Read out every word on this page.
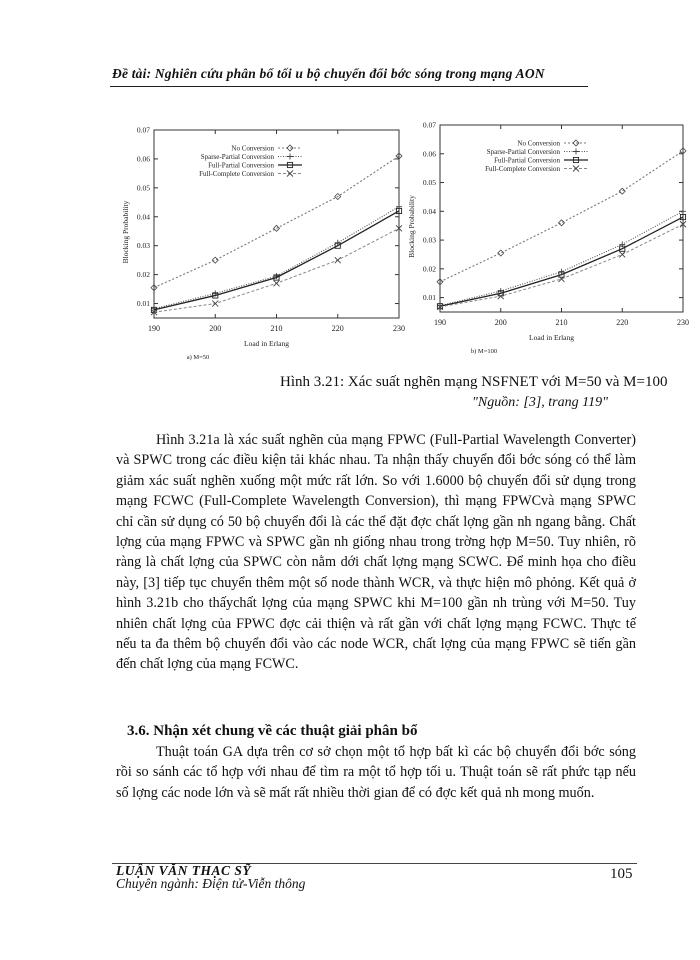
Đề tài: Nghiên cứu phân bổ tối u bộ chuyển đổi bớc sóng trong mạng AON
0.01
0.02
0.03
0.04
0.05
0.06
0.07
190	200	210	220	230
Load in Erlang
Blocking Probability
a) M=50
No Conversion
Sparse-Partial Conversion
Full-Partial Conversion
Full-Complete Conversion
0.01
0.02
0.03
0.04
0.05
0.06
0.07
190	200	210	220	230
Load in Erlang
Blocking Probability
b) M=100
No Conversion
Sparse-Partial Conversion
Full-Partial Conversion
Full-Complete Conversion
Hình 3.21: Xác suất nghẽn mạng NSFNET với M=50 và M=100
"Nguồn: [3], trang 119"

Hình 3.21a là xác suất nghẽn của mạng FPWC (Full-Partial Wavelength Converter) và SPWC trong các điều kiện tải khác nhau. Ta nhận thấy chuyển đổi bớc sóng có thể làm giảm xác suất nghẽn xuống một mức rất lớn. So với 1.6000 bộ chuyển đổi sử dụng trong mạng FCWC (Full-Complete Wavelength Conversion), thì mạng FPWCvà mạng SPWC chỉ cần sử dụng có 50 bộ chuyển đổi là các thể đặt đợc chất lợng gần nh ngang bằng. Chất lợng của mạng FPWC và SPWC gần nh giống nhau trong trờng hợp M=50. Tuy nhiên, rõ ràng là chất lợng của SPWC còn nằm dới chất lợng mạng SCWC. Để minh họa cho điều này, [3] tiếp tục chuyển thêm một số node thành WCR, và thực hiện mô phỏng. Kết quả ở hình 3.21b cho thấychất lợng của mạng SPWC khi M=100 gần nh trùng với M=50. Tuy nhiên chất lợng của FPWC đợc cải thiện và rất gần với chất lợng mạng FCWC. Thực tế nếu ta đa thêm bộ chuyển đổi vào các node WCR, chất lợng của mạng FPWC sẽ tiến gần đến chất lợng của mạng FCWC.

3.6. Nhận xét chung về các thuật giải phân bổ

Thuật toán GA dựa trên cơ sở chọn một tổ hợp bất kì các bộ chuyển đổi bớc sóng rồi so sánh các tổ hợp với nhau để tìm ra một tổ hợp tối u. Thuật toán sẽ rất phức tạp nếu số lợng các node lớn và sẽ mất rất nhiều thời gian để có đợc kết quả nh mong muốn.

LUẬN VĂN THẠC SỸ
Chuyên ngành: Điện tử-Viễn thông
105
